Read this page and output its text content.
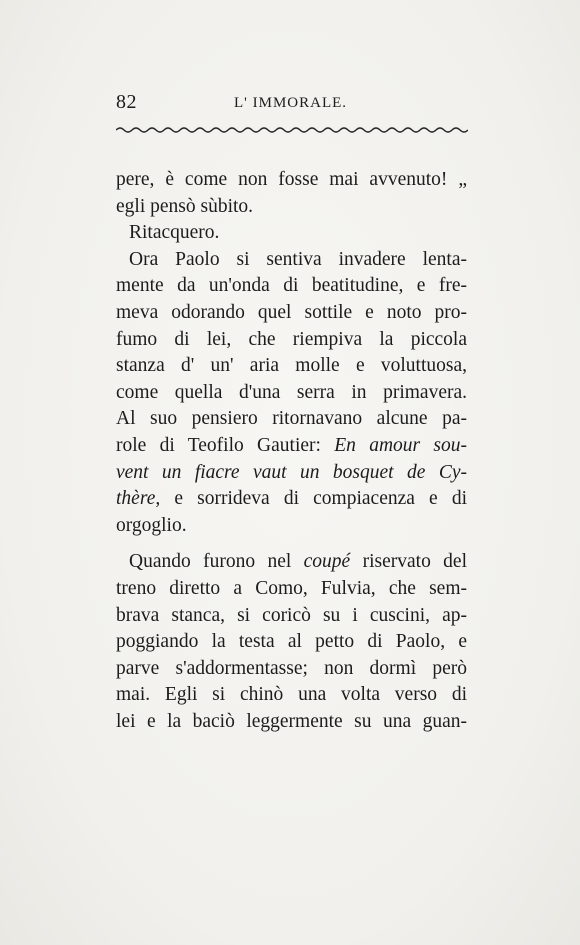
82	L' IMMORALE.
pere, è come non fosse mai avvenuto! „
egli pensò sùbito.
Ritacquero.
Ora Paolo si sentiva invadere lenta-
mente da un'onda di beatitudine, e fre-
meva odorando quel sottile e noto pro-
fumo di lei, che riempiva la piccola
stanza d' un' aria molle e voluttuosa,
come quella d'una serra in primavera.
Al suo pensiero ritornavano alcune pa-
role di Teofilo Gautier: En amour sou-
vent un fiacre vaut un bosquet de Cy-
thère, e sorrideva di compiacenza e di
orgoglio.
Quando furono nel coupé riservato del
treno diretto a Como, Fulvia, che sem-
brava stanca, si coricò su i cuscini, ap-
poggiando la testa al petto di Paolo, e
parve s'addormentasse; non dormì però
mai. Egli si chinò una volta verso di
lei e la baciò leggermente su una guan-
